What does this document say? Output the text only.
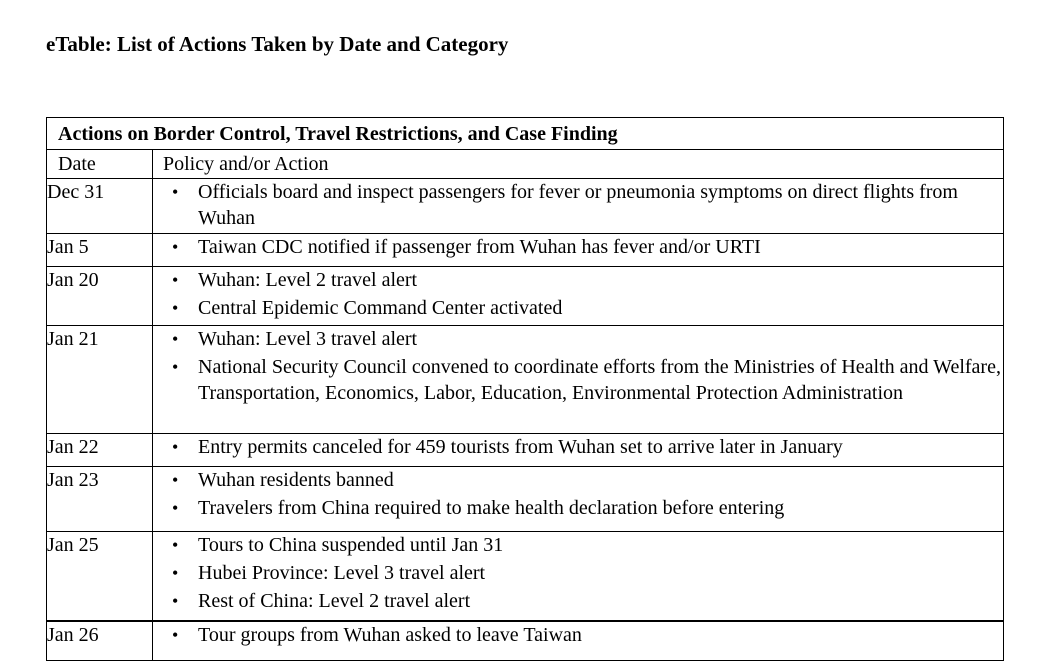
eTable: List of Actions Taken by Date and Category
Actions on Border Control, Travel Restrictions, and Case Finding	
Date	Policy and/or Action
Dec 31	• Officials board and inspect passengers for fever or pneumonia symptoms on direct flights from Wuhan

Jan 5	• Taiwan CDC notified if passenger from Wuhan has fever and/or URTI

Jan 20	• Wuhan: Level 2 travel alert
• Central Epidemic Command Center activated

Jan 21	• Wuhan: Level 3 travel alert
• National Security Council convened to coordinate efforts from the Ministries of Health and Welfare, Transportation, Economics, Labor, Education, Environmental Protection Administration

Jan 22	• Entry permits canceled for 459 tourists from Wuhan set to arrive later in January

Jan 23	• Wuhan residents banned
• Travelers from China required to make health declaration before entering

Jan 25	• Tours to China suspended until Jan 31
• Hubei Province: Level 3 travel alert
• Rest of China: Level 2 travel alert

Jan 26	• Tour groups from Wuhan asked to leave Taiwan
